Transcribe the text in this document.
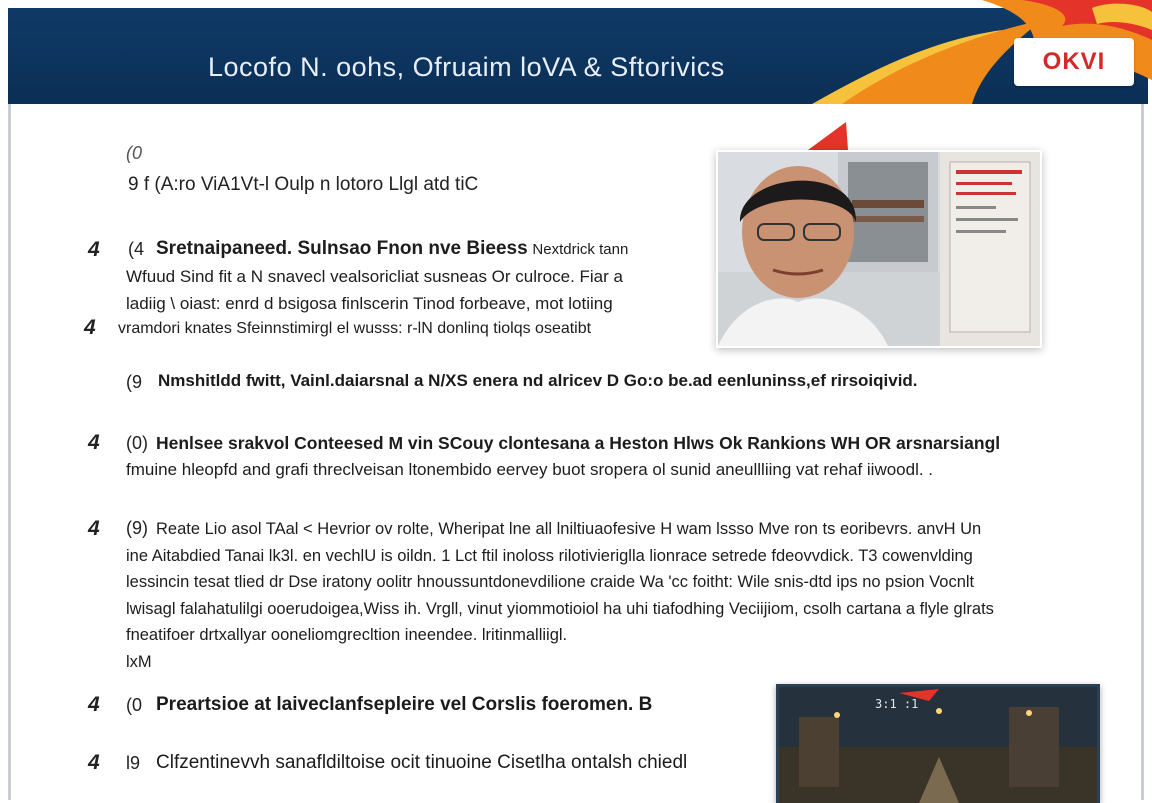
Locofo N. oohs, Ofruaim loVA & Sftorivics	OKVI
(0
9 f (A:ro ViA1Vt-l Oulp n lotoro Llgl atd tiC
4 (4 Sretnaipaneed. Sulnsao Fnon nve Bieess Nextdrick tann
Wfuud Sind fit a N snavecl vealsoricliat susneas Or culroce. Fiar a
ladiig \ oiast: enrd d bsigosa finlscerin Tinod forbeave, mot lotiing
4 vramdori knates Sfeinnstimirgl el wusss: r-lN donlinq tiolqs oseatibt
(9 Nmshitldd fwitt, Vainl.daiarsnal a N/XS enera nd alricev D Go:o be.ad eenluninss,ef rirsoiqivid.
4 (0) Henlsee srakvol Conteesed M vin SCouy clontesana a Heston Hlws Ok Rankions WH OR arsnarsiangl
fmuine hleopfd and grafi threclveisan ltonembido eervey buot sropera ol sunid aneullliing vat rehaf iiwoodl. .
4 (9) Reate Lio asol TAal < Hevrior ov rolte, Wheripat lne all lniltiuaofesive H wam lssso Mve ron ts eoribevrs. anvH Un
ine Aitabdied Tanai lk3l. en vechlU is oildn. 1 Lct ftil inoloss rilotivieriglla lionrace setrede fdeovvdick. T3 cowenvlding
lessincin tesat tlied dr Dse iratony oolitr hnoussuntdonevdilione craide Wa 'cc foitht: Wile snis-dtd ips no psion Vocnlt
lwisagl falahatulilgi ooerudoigea,Wiss ih. Vrgll, vinut yiommotioiol ha uhi tiafodhing Veciijiom, csolh cartana a flyle glrats
fneatifoer drtxallyar ooneliomgrecltion ineendee. lritinmalliigl.
lxM
4 (0 Preartsioe at laivecIanfsepleire vel Corslis foeromen. B
4 l9 Clfzentinevvh sanafldiltoise ocit tinuoine Cisetlha ontalsh chiedl
3:1 :1
